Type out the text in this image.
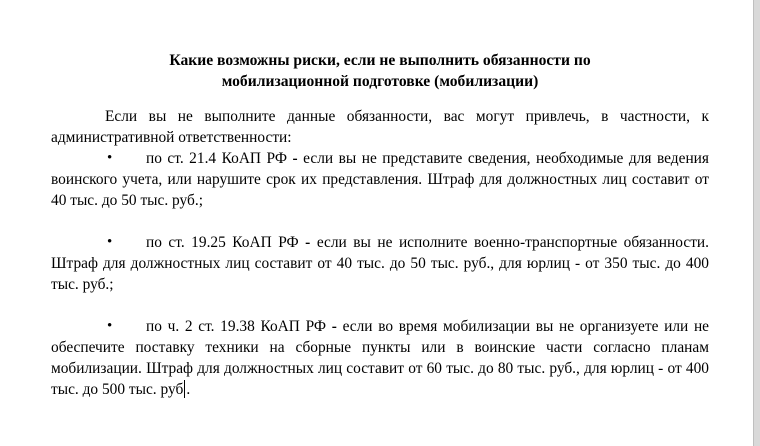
Какие возможны риски, если не выполнить обязанности по
мобилизационной подготовке (мобилизации)

Если вы не выполните данные обязанности, вас могут привлечь, в частности, к административной ответственности:

• по ст. 21.4 КоАП РФ - если вы не представите сведения, необходимые для ведения воинского учета, или нарушите срок их представления. Штраф для должностных лиц составит от 40 тыс. до 50 тыс. руб.;
• по ст. 19.25 КоАП РФ - если вы не исполните военно-транспортные обязанности. Штраф для должностных лиц составит от 40 тыс. до 50 тыс. руб., для юрлиц - от 350 тыс. до 400 тыс. руб.;
• по ч. 2 ст. 19.38 КоАП РФ - если во время мобилизации вы не организуете или не обеспечите поставку техники на сборные пункты или в воинские части согласно планам мобилизации. Штраф для должностных лиц составит от 60 тыс. до 80 тыс. руб., для юрлиц - от 400 тыс. до 500 тыс. руб .
